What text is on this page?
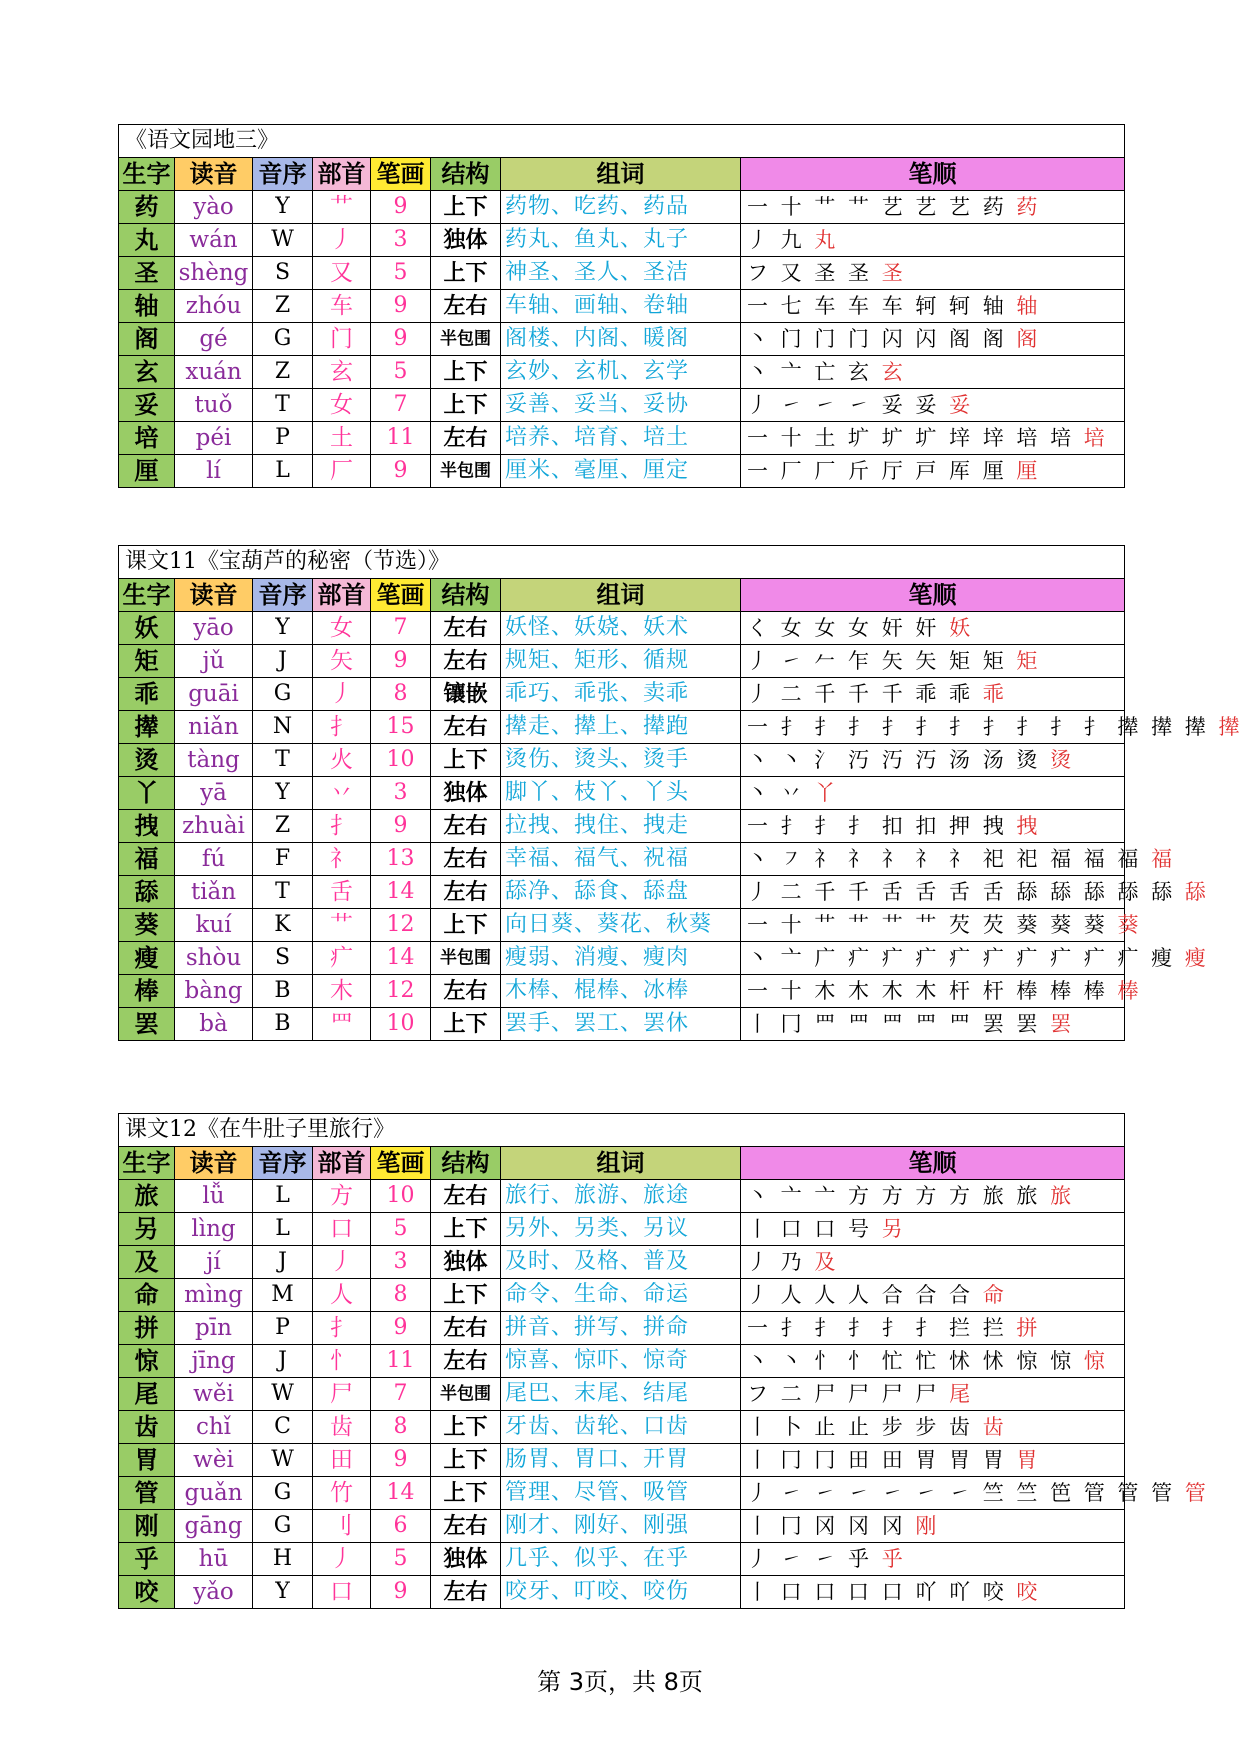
《语文园地三》							
生字	读音	音序	部首	笔画	结构	组词	笔顺
药	yào	Y	艹	9	上下	药物、吃药、药品	一 十 艹 艹 艺 艺 艺 药 药
丸	wán	W	丿	3	独体	药丸、鱼丸、丸子	丿 九 丸
圣	shèng	S	又	5	上下	神圣、圣人、圣洁	フ 又 圣 圣 圣
轴	zhóu	Z	车	9	左右	车轴、画轴、卷轴	一 七 车 车 车 轲 轲 轴 轴
阁	gé	G	门	9	半包围	阁楼、内阁、暖阁	丶 门 门 门 闪 闪 阁 阁 阁
玄	xuán	Z	玄	5	上下	玄妙、玄机、玄学	丶 亠 亡 玄 玄
妥	tuǒ	T	女	7	上下	妥善、妥当、妥协	丿 ㇀ ㇀ ㇀ 妥 妥 妥
培	péi	P	土	11	左右	培养、培育、培土	一 十 土 圹 圹 圹 垶 垶 培 培 培
厘	lí	L	厂	9	半包围	厘米、毫厘、厘定	一 厂 厂 斤 厅 戸 厍 厘 厘
课文11《宝葫芦的秘密（节选）》							
生字	读音	音序	部首	笔画	结构	组词	笔顺
妖	yāo	Y	女	7	左右	妖怪、妖娆、妖术	く 女 女 女 奸 奸 妖
矩	jǔ	J	矢	9	左右	规矩、矩形、循规	丿 ㇀ 𠂉 乍 矢 矢 矩 矩 矩
乖	guāi	G	丿	8	镶嵌	乖巧、乖张、卖乖	丿 二 千 千 千 乖 乖 乖
撵	niǎn	N	扌	15	左右	撵走、撵上、撵跑	一 扌 扌 扌 扌 扌 扌 扌 扌 扌 扌 撵 撵 撵 撵
烫	tàng	T	火	10	上下	烫伤、烫头、烫手	丶 丶 氵 汅 汅 汅 汤 汤 烫 烫
丫	yā	Y	丷	3	独体	脚丫、枝丫、丫头	丶 丷 丫
拽	zhuài	Z	扌	9	左右	拉拽、拽住、拽走	一 扌 扌 扌 扣 扣 押 拽 拽
福	fú	F	礻	13	左右	幸福、福气、祝福	丶 ㇇ 礻 礻 礻 礻 礻 祀 祀 福 福 福 福
舔	tiǎn	T	舌	14	左右	舔净、舔食、舔盘	丿 二 千 千 舌 舌 舌 舌 舔 舔 舔 舔 舔 舔
葵	kuí	K	艹	12	上下	向日葵、葵花、秋葵	一 十 艹 艹 艹 艹 芡 芡 葵 葵 葵 葵
瘦	shòu	S	疒	14	半包围	瘦弱、消瘦、瘦肉	丶 亠 广 疒 疒 疒 疒 疒 疒 疒 疒 疒 瘦 瘦
棒	bàng	B	木	12	左右	木棒、棍棒、冰棒	一 十 木 木 木 木 杆 杆 棒 棒 棒 棒
罢	bà	B	罒	10	上下	罢手、罢工、罢休	丨 冂 罒 罒 罒 罒 罒 罢 罢 罢
课文12《在牛肚子里旅行》							
生字	读音	音序	部首	笔画	结构	组词	笔顺
旅	lǚ	L	方	10	左右	旅行、旅游、旅途	丶 亠 亠 方 方 方 方 旅 旅 旅
另	lìng	L	口	5	上下	另外、另类、另议	丨 口 口 号 另
及	jí	J	丿	3	独体	及时、及格、普及	丿 乃 及
命	mìng	M	人	8	上下	命令、生命、命运	丿 人 人 人 合 合 合 命
拼	pīn	P	扌	9	左右	拼音、拼写、拼命	一 扌 扌 扌 扌 扌 拦 拦 拼
惊	jīng	J	忄	11	左右	惊喜、惊吓、惊奇	丶 丶 忄 忄 忙 忙 怵 怵 惊 惊 惊
尾	wěi	W	尸	7	半包围	尾巴、末尾、结尾	フ 二 尸 尸 尸 尸 尾
齿	chǐ	C	齿	8	上下	牙齿、齿轮、口齿	丨 卜 止 止 步 步 齿 齿
胃	wèi	W	田	9	上下	肠胃、胃口、开胃	丨 冂 冂 田 田 胃 胃 胃 胃
管	guǎn	G	竹	14	上下	管理、尽管、吸管	丿 ㇀ ㇀ ㇀ ㇀ ㇀ ㇀ 竺 竺 笆 管 管 管 管
刚	gāng	G	刂	6	左右	刚才、刚好、刚强	丨 冂 冈 冈 冈 刚
乎	hū	H	丿	5	独体	几乎、似乎、在乎	丿 ㇀ ㇀ 乎 乎
咬	yǎo	Y	口	9	左右	咬牙、叮咬、咬伤	丨 口 口 口 口 吖 吖 咬 咬
第 3页，共 8页
